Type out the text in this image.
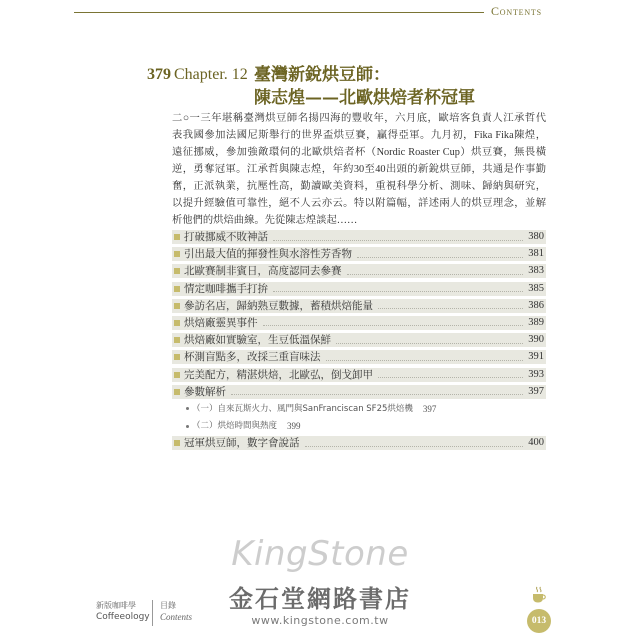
Contents
379 Chapter. 12 臺灣新銳烘豆師：
陳志煌——北歐烘焙者杯冠軍
二○一三年堪稱臺灣烘豆師名揚四海的豐收年，六月底，歐培客負責人江承哲代
表我國參加法國尼斯舉行的世界盃烘豆賽，贏得亞軍。九月初，Fika Fika陳煌，
遠征挪威，參加強敵環伺的北歐烘焙者杯（Nordic Roaster Cup）烘豆賽，無畏橫
逆，勇奪冠軍。江承哲與陳志煌，年約30至40出頭的新銳烘豆師，共通是作事勤
奮，正派執業，抗壓性高，勤讀歐美資料，重視科學分析、測味、歸納與研究，
以提升經驗值可靠性，絕不人云亦云。特以附篇幅，詳述兩人的烘豆理念，並解
析他們的烘焙曲線。先從陳志煌談起……
打破挪威不敗神話	380
引出最大值的揮發性與水溶性芳香物	381
北歐賽制非賓日，高度認同去參賽	383
情定咖啡攜手打拚	385
參訪名店，歸納熟豆數據，蓄積烘焙能量	386
烘焙廠靈異事件	389
烘焙廠如實驗室，生豆低溫保鮮	390
杯測盲點多，改採三重盲味法	391
完美配方，精湛烘焙，北歐弘，倒戈卸甲	393
參數解析	397
（一）自來瓦斯火力、風門與SanFranciscan SF25烘焙機 397
（二）烘焙時間與熱度 399
冠軍烘豆師，數字會說話	400
KingStone
金石堂網路書店
www.kingstone.com.tw
新版咖啡學
Coffeeology
目錄
Contents	013
